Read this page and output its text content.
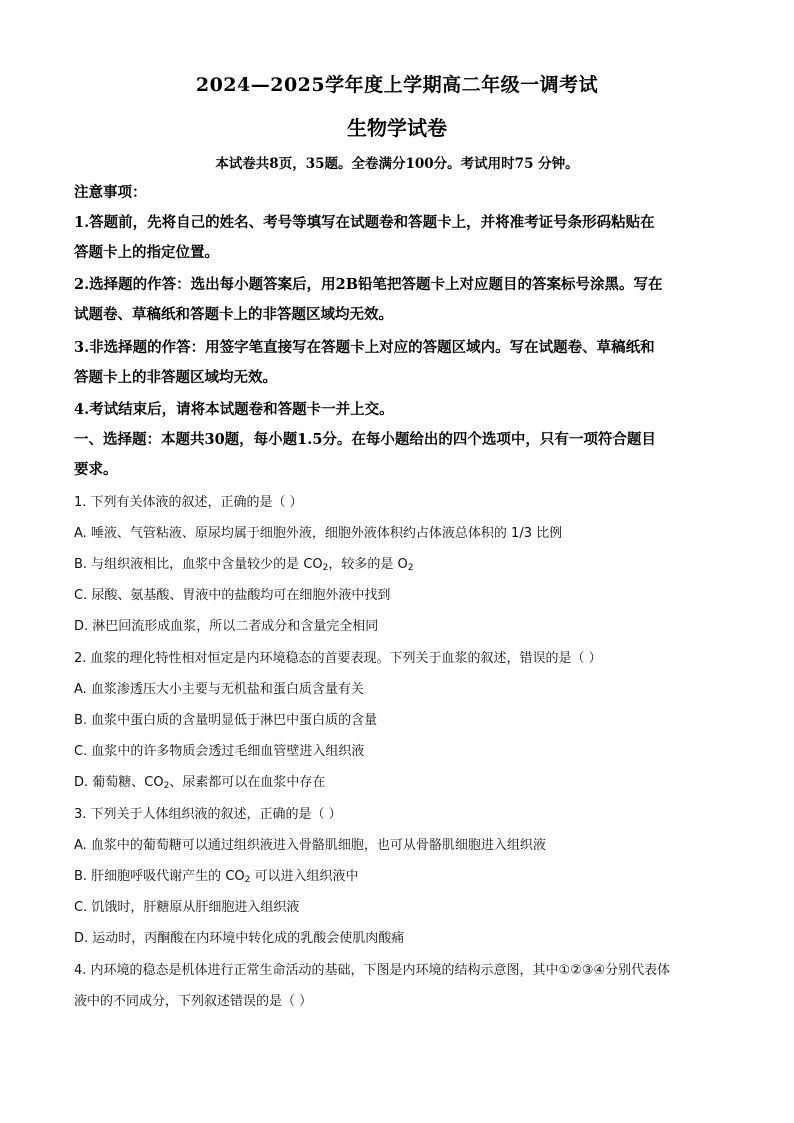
2024—2025学年度上学期高二年级一调考试
生物学试卷
本试卷共8页，35题。全卷满分100分。考试用时75 分钟。
注意事项：
1.答题前，先将自己的姓名、考号等填写在试题卷和答题卡上，并将准考证号条形码粘贴在
答题卡上的指定位置。
2.选择题的作答：选出每小题答案后，用2B铅笔把答题卡上对应题目的答案标号涂黑。写在
试题卷、草稿纸和答题卡上的非答题区域均无效。
3.非选择题的作答：用签字笔直接写在答题卡上对应的答题区域内。写在试题卷、草稿纸和
答题卡上的非答题区域均无效。
4.考试结束后，请将本试题卷和答题卡一并上交。
一、选择题：本题共30题，每小题1.5分。在每小题给出的四个选项中，只有一项符合题目
要求。
1. 下列有关体液的叙述，正确的是（ ）
A. 唾液、气管粘液、原尿均属于细胞外液，细胞外液体积约占体液总体积的 1/3 比例
B. 与组织液相比，血浆中含量较少的是 $CO_2$，较多的是 $O_2$
C. 尿酸、氨基酸、胃液中的盐酸均可在细胞外液中找到
D. 淋巴回流形成血浆，所以二者成分和含量完全相同
2. 血浆的理化特性相对恒定是内环境稳态的首要表现。下列关于血浆的叙述，错误的是（ ）
A. 血浆渗透压大小主要与无机盐和蛋白质含量有关
B. 血浆中蛋白质的含量明显低于淋巴中蛋白质的含量
C. 血浆中的许多物质会透过毛细血管壁进入组织液
D. 葡萄糖、$CO_2$、尿素都可以在血浆中存在
3. 下列关于人体组织液的叙述，正确的是（ ）
A. 血浆中的葡萄糖可以通过组织液进入骨骼肌细胞，也可从骨骼肌细胞进入组织液
B. 肝细胞呼吸代谢产生的 $CO_2$ 可以进入组织液中
C. 饥饿时，肝糖原从肝细胞进入组织液
D. 运动时，丙酮酸在内环境中转化成的乳酸会使肌肉酸痛
4. 内环境的稳态是机体进行正常生命活动的基础，下图是内环境的结构示意图，其中①②③④分别代表体
液中的不同成分，下列叙述错误的是（ ）
